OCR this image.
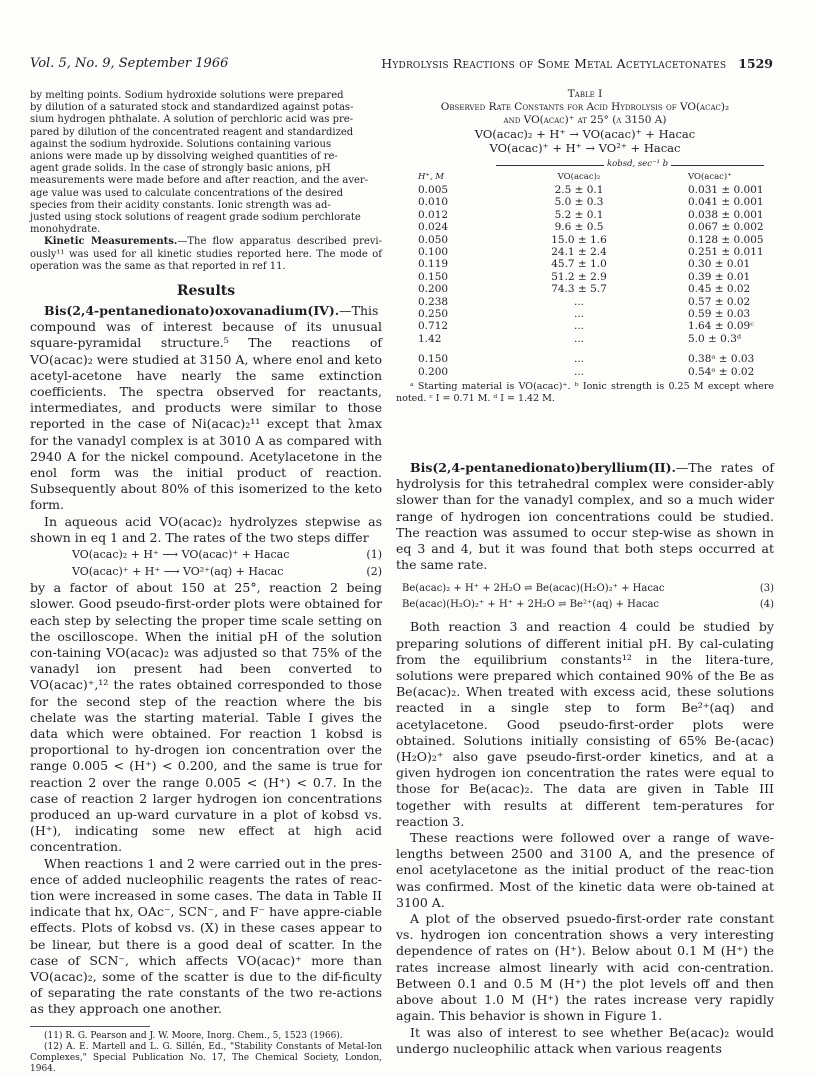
Vol. 5, No. 9, September 1966	Hydrolysis Reactions of Some Metal Acetylacetonates 1529
by melting points. Sodium hydroxide solutions were prepared
by dilution of a saturated stock and standardized against potas-
sium hydrogen phthalate. A solution of perchloric acid was pre-
pared by dilution of the concentrated reagent and standardized
against the sodium hydroxide. Solutions containing various
anions were made up by dissolving weighed quantities of re-
agent grade solids. In the case of strongly basic anions, pH
measurements were made before and after reaction, and the aver-
age value was used to calculate concentrations of the desired
species from their acidity constants. Ionic strength was ad-
justed using stock solutions of reagent grade sodium perchlorate
monohydrate.

Kinetic Measurements.—The flow apparatus described previ-ously¹¹ was used for all kinetic studies reported here. The mode of operation was the same as that reported in ref 11.

Results

Bis(2,4-pentanedionato)oxovanadium(IV).—This compound was of interest because of its unusual square-pyramidal structure.⁵ The reactions of VO(acac)₂ were studied at 3150 A, where enol and keto acetyl-acetone have nearly the same extinction coefficients. The spectra observed for reactants, intermediates, and products were similar to those reported in the case of Ni(acac)₂¹¹ except that λmax for the vanadyl complex is at 3010 A as compared with 2940 A for the nickel compound. Acetylacetone in the enol form was the initial product of reaction. Subsequently about 80% of this isomerized to the keto form.

In aqueous acid VO(acac)₂ hydrolyzes stepwise as shown in eq 1 and 2. The rates of the two steps differ

VO(acac)₂ + H⁺ ⟶ VO(acac)⁺ + Hacac	(1)
VO(acac)⁺ + H⁺ ⟶ VO²⁺(aq) + Hacac	(2)

by a factor of about 150 at 25°, reaction 2 being slower. Good pseudo-first-order plots were obtained for each step by selecting the proper time scale setting on the oscilloscope. When the initial pH of the solution con-taining VO(acac)₂ was adjusted so that 75% of the vanadyl ion present had been converted to VO(acac)⁺,¹² the rates obtained corresponded to those for the second step of the reaction where the bis chelate was the starting material. Table I gives the data which were obtained. For reaction 1 kobsd is proportional to hy-drogen ion concentration over the range 0.005 < (H⁺) < 0.200, and the same is true for reaction 2 over the range 0.005 < (H⁺) < 0.7. In the case of reaction 2 larger hydrogen ion concentrations produced an up-ward curvature in a plot of kobsd vs. (H⁺), indicating some new effect at high acid concentration.

When reactions 1 and 2 were carried out in the pres-ence of added nucleophilic reagents the rates of reac-tion were increased in some cases. The data in Table II indicate that hx, OAc⁻, SCN⁻, and F⁻ have appre-ciable effects. Plots of kobsd vs. (X) in these cases appear to be linear, but there is a good deal of scatter. In the case of SCN⁻, which affects VO(acac)⁺ more than VO(acac)₂, some of the scatter is due to the dif-ficulty of separating the rate constants of the two re-actions as they approach one another.

(11) R. G. Pearson and J. W. Moore, Inorg. Chem., 5, 1523 (1966).

(12) A. E. Martell and L. G. Sillén, Ed., "Stability Constants of Metal-Ion Complexes," Special Publication No. 17, The Chemical Society, London, 1964.

Table I
Observed Rate Constants for Acid Hydrolysis of VO(acac)₂
and VO(acac)⁺ at 25° (λ 3150 A)
VO(acac)₂ + H⁺ → VO(acac)⁺ + Hacac
VO(acac)⁺ + H⁺ → VO²⁺ + Hacac
kobsd, sec⁻¹ b
H⁺, M	VO(acac)₂	VO(acac)⁺
0.005	2.5 ± 0.1	0.031 ± 0.001
0.010	5.0 ± 0.3	0.041 ± 0.001
0.012	5.2 ± 0.1	0.038 ± 0.001
0.024	9.6 ± 0.5	0.067 ± 0.002
0.050	15.0 ± 1.6	0.128 ± 0.005
0.100	24.1 ± 2.4	0.251 ± 0.011
0.119	45.7 ± 1.0	0.30 ± 0.01
0.150	51.2 ± 2.9	0.39 ± 0.01
0.200	74.3 ± 5.7	0.45 ± 0.02
0.238	...	0.57 ± 0.02
0.250	...	0.59 ± 0.03
0.712	...	1.64 ± 0.09ᶜ
1.42	...	5.0 ± 0.3ᵈ

0.150	...	0.38ᵃ ± 0.03
0.200	...	0.54ᵃ ± 0.02

ᵃ Starting material is VO(acac)⁺. ᵇ Ionic strength is 0.25 M except where noted. ᶜ I = 0.71 M. ᵈ I = 1.42 M.

Bis(2,4-pentanedionato)beryllium(II).—The rates of hydrolysis for this tetrahedral complex were consider-ably slower than for the vanadyl complex, and so a much wider range of hydrogen ion concentrations could be studied. The reaction was assumed to occur step-wise as shown in eq 3 and 4, but it was found that both steps occurred at the same rate.

Be(acac)₂ + H⁺ + 2H₂O ⇌ Be(acac)(H₂O)₂⁺ + Hacac	(3)
Be(acac)(H₂O)₂⁺ + H⁺ + 2H₂O ⇌ Be²⁺(aq) + Hacac	(4)

Both reaction 3 and reaction 4 could be studied by preparing solutions of different initial pH. By cal-culating from the equilibrium constants¹² in the litera-ture, solutions were prepared which contained 90% of the Be as Be(acac)₂. When treated with excess acid, these solutions reacted in a single step to form Be²⁺(aq) and acetylacetone. Good pseudo-first-order plots were obtained. Solutions initially consisting of 65% Be-(acac)(H₂O)₂⁺ also gave pseudo-first-order kinetics, and at a given hydrogen ion concentration the rates were equal to those for Be(acac)₂. The data are given in Table III together with results at different tem-peratures for reaction 3.

These reactions were followed over a range of wave-lengths between 2500 and 3100 A, and the presence of enol acetylacetone as the initial product of the reac-tion was confirmed. Most of the kinetic data were ob-tained at 3100 A.

A plot of the observed psuedo-first-order rate constant vs. hydrogen ion concentration shows a very interesting dependence of rates on (H⁺). Below about 0.1 M (H⁺) the rates increase almost linearly with acid con-centration. Between 0.1 and 0.5 M (H⁺) the plot levels off and then above about 1.0 M (H⁺) the rates increase very rapidly again. This behavior is shown in Figure 1.

It was also of interest to see whether Be(acac)₂ would undergo nucleophilic attack when various reagents
